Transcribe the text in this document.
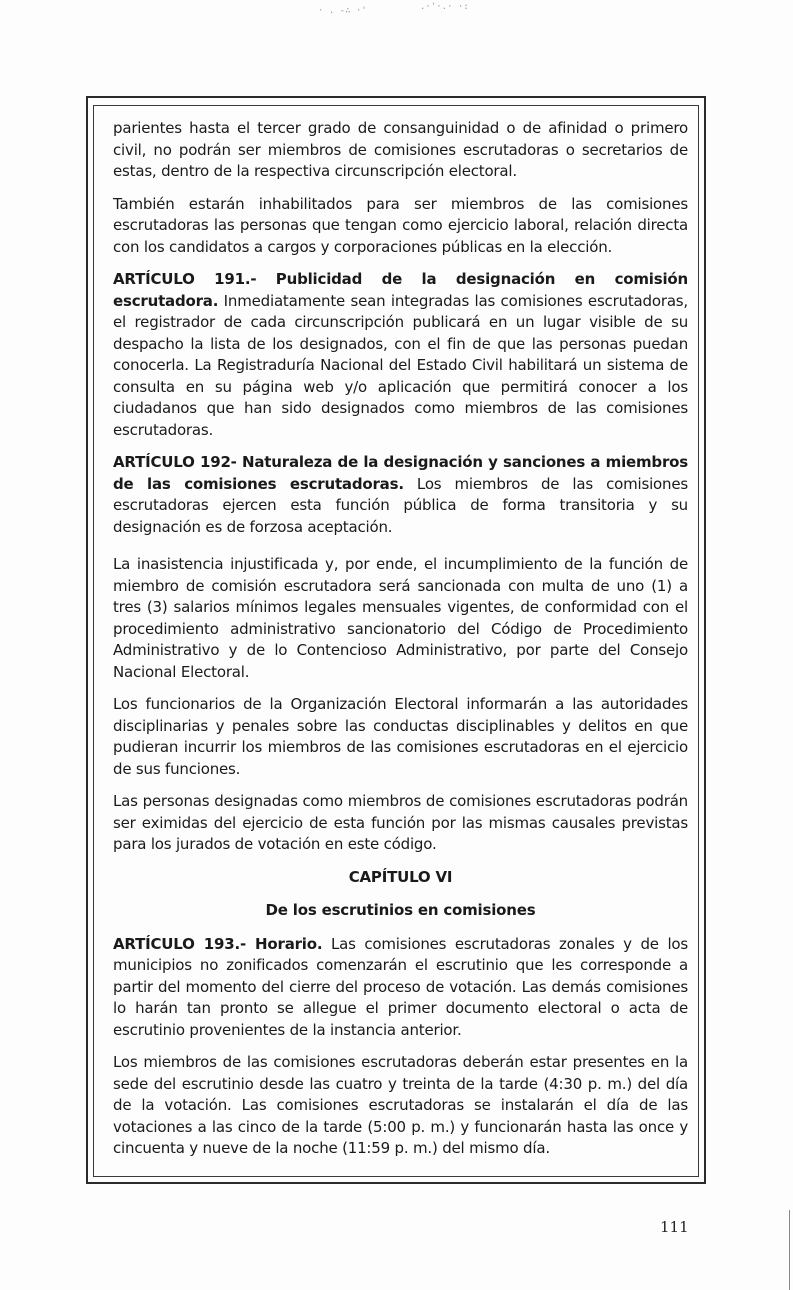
· . -∴ ·'	.·'·.· ·:

parientes hasta el tercer grado de consanguinidad o de afinidad o primero civil, no podrán ser miembros de comisiones escrutadoras o secretarios de estas, dentro de la respectiva circunscripción electoral.

También estarán inhabilitados para ser miembros de las comisiones escrutadoras las personas que tengan como ejercicio laboral, relación directa con los candidatos a cargos y corporaciones públicas en la elección.

ARTÍCULO 191.- Publicidad de la designación en comisión escrutadora. Inmediatamente sean integradas las comisiones escrutadoras, el registrador de cada circunscripción publicará en un lugar visible de su despacho la lista de los designados, con el fin de que las personas puedan conocerla. La Registraduría Nacional del Estado Civil habilitará un sistema de consulta en su página web y/o aplicación que permitirá conocer a los ciudadanos que han sido designados como miembros de las comisiones escrutadoras.

ARTÍCULO 192- Naturaleza de la designación y sanciones a miembros de las comisiones escrutadoras. Los miembros de las comisiones escrutadoras ejercen esta función pública de forma transitoria y su designación es de forzosa aceptación.

La inasistencia injustificada y, por ende, el incumplimiento de la función de miembro de comisión escrutadora será sancionada con multa de uno (1) a tres (3) salarios mínimos legales mensuales vigentes, de conformidad con el procedimiento administrativo sancionatorio del Código de Procedimiento Administrativo y de lo Contencioso Administrativo, por parte del Consejo Nacional Electoral.

Los funcionarios de la Organización Electoral informarán a las autoridades disciplinarias y penales sobre las conductas disciplinables y delitos en que pudieran incurrir los miembros de las comisiones escrutadoras en el ejercicio de sus funciones.

Las personas designadas como miembros de comisiones escrutadoras podrán ser eximidas del ejercicio de esta función por las mismas causales previstas para los jurados de votación en este código.

CAPÍTULO VI

De los escrutinios en comisiones

ARTÍCULO 193.- Horario. Las comisiones escrutadoras zonales y de los municipios no zonificados comenzarán el escrutinio que les corresponde a partir del momento del cierre del proceso de votación. Las demás comisiones lo harán tan pronto se allegue el primer documento electoral o acta de escrutinio provenientes de la instancia anterior.

Los miembros de las comisiones escrutadoras deberán estar presentes en la sede del escrutinio desde las cuatro y treinta de la tarde (4:30 p. m.) del día de la votación. Las comisiones escrutadoras se instalarán el día de las votaciones a las cinco de la tarde (5:00 p. m.) y funcionarán hasta las once y cincuenta y nueve de la noche (11:59 p. m.) del mismo día.

111
